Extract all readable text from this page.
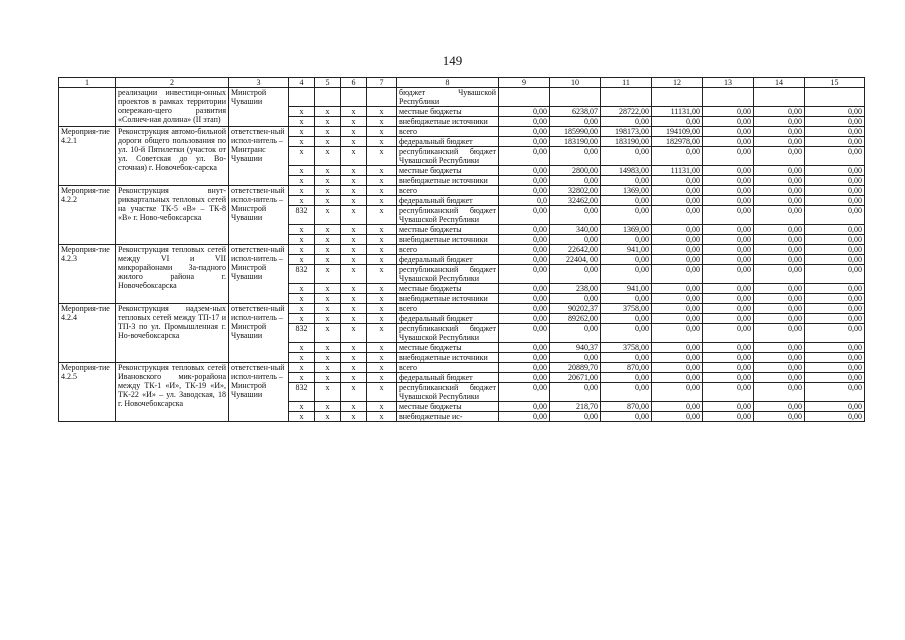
149
1	2	3	4	5	6	7	8	9	10	11	12	13	14	15
	реализации инвестици-онных проектов в рамках территории опережаю-щего развития «Солнеч-ная долина» (II этап)	Минстрой Чувашии					бюджет Чувашской Республики							
			x	x	x	x	местные бюджеты	0,00	6238,07	28722,00	11131,00	0,00	0,00	0,00
			x	x	x	x	внебюджетные источники	0,00	0,00	0,00	0,00	0,00	0,00	0,00
Мероприя-тие 4.2.1	Реконструкция автомо-бильной дороги общего пользования по ул. 10-й Пятилетки (участок от ул. Советская до ул. Во-сточная) г. Новочебок-сарска	ответствен-ный испол-нитель – Минтранс Чувашии	x	x	x	x	всего	0,00	185990,00	198173,00	194109,00	0,00	0,00	0,00
			x	x	x	x	федеральный бюджет	0,00	183190,00	183190,00	182978,00	0,00	0,00	0,00
			x	x	x	x	республиканский бюджет Чувашской Республики	0,00	0,00	0,00	0,00	0,00	0,00	0,00
			x	x	x	x	местные бюджеты	0,00	2800,00	14983,00	11131,00	0,00	0,00	0,00
			x	x	x	x	внебюджетные источники	0,00	0,00	0,00	0,00	0,00	0,00	0,00
Мероприя-тие 4.2.2	Реконструкция внут-риквартальных тепловых сетей на участке ТК-5 «В» – ТК-8 «В» г. Ново-чебоксарска	ответствен-ный испол-нитель – Минстрой Чувашии	x	x	x	x	всего	0,00	32802,00	1369,00	0,00	0,00	0,00	0,00
			x	x	x	x	федеральный бюджет	0,0	32462,00	0,00	0,00	0,00	0,00	0,00
			832	x	x	x	республиканский бюджет Чувашской Республики	0,00	0,00	0,00	0,00	0,00	0,00	0,00
			x	x	x	x	местные бюджеты	0,00	340,00	1369,00	0,00	0,00	0,00	0,00
			x	x	x	x	внебюджетные источники	0,00	0,00	0,00	0,00	0,00	0,00	0,00
Мероприя-тие 4.2.3	Реконструкция тепловых сетей между VI и VII микрорайонами За-падного жилого района г. Новочебоксарска	ответствен-ный испол-нитель – Минстрой Чувашии	x	x	x	x	всего	0,00	22642,00	941,00	0,00	0,00	0,00	0,00
			x	x	x	x	федеральный бюджет	0,00	22404, 00	0,00	0,00	0,00	0,00	0,00
			832	x	x	x	республиканский бюджет Чувашской Республики	0,00	0,00	0,00	0,00	0,00	0,00	0,00
			x	x	x	x	местные бюджеты	0,00	238,00	941,00	0,00	0,00	0,00	0,00
			x	x	x	x	внебюджетные источники	0,00	0,00	0,00	0,00	0,00	0,00	0,00
Мероприя-тие 4.2.4	Реконструкция надзем-ных тепловых сетей между ТП-17 и ТП-3 по ул. Промышленная г. Но-вочебоксарска	ответствен-ный испол-нитель – Минстрой Чувашии	x	x	x	x	всего	0,00	90202,37	3758,00	0,00	0,00	0,00	0,00
			x	x	x	x	федеральный бюджет	0,00	89262,00	0,00	0,00	0,00	0,00	0,00
			832	x	x	x	республиканский бюджет Чувашской Республики	0,00	0,00	0,00	0,00	0,00	0,00	0,00
			x	x	x	x	местные бюджеты	0,00	940,37	3758,00	0,00	0,00	0,00	0,00
			x	x	x	x	внебюджетные источники	0,00	0,00	0,00	0,00	0,00	0,00	0,00
Мероприя-тие 4.2.5	Реконструкция тепловых сетей Ивановского мик-рорайона между ТК-1 «И», ТК-19 «И», ТК-22 «И» – ул. Заводская, 18 г. Новочебоксарска	ответствен-ный испол-нитель – Минстрой Чувашии	x	x	x	x	всего	0,00	20889,70	870,00	0,00	0,00	0,00	0,00
			x	x	x	x	федеральный бюджет	0,00	20671,00	0,00	0,00	0,00	0,00	0,00
			832	x	x	x	республиканский бюджет Чувашской Республики	0,00	0,00	0,00	0,00	0,00	0,00	0,00
			x	x	x	x	местные бюджеты	0,00	218,70	870,00	0,00	0,00	0,00	0,00
			x	x	x	x	внебюджетные ис-	0,00	0,00	0,00	0,00	0,00	0,00	0,00
